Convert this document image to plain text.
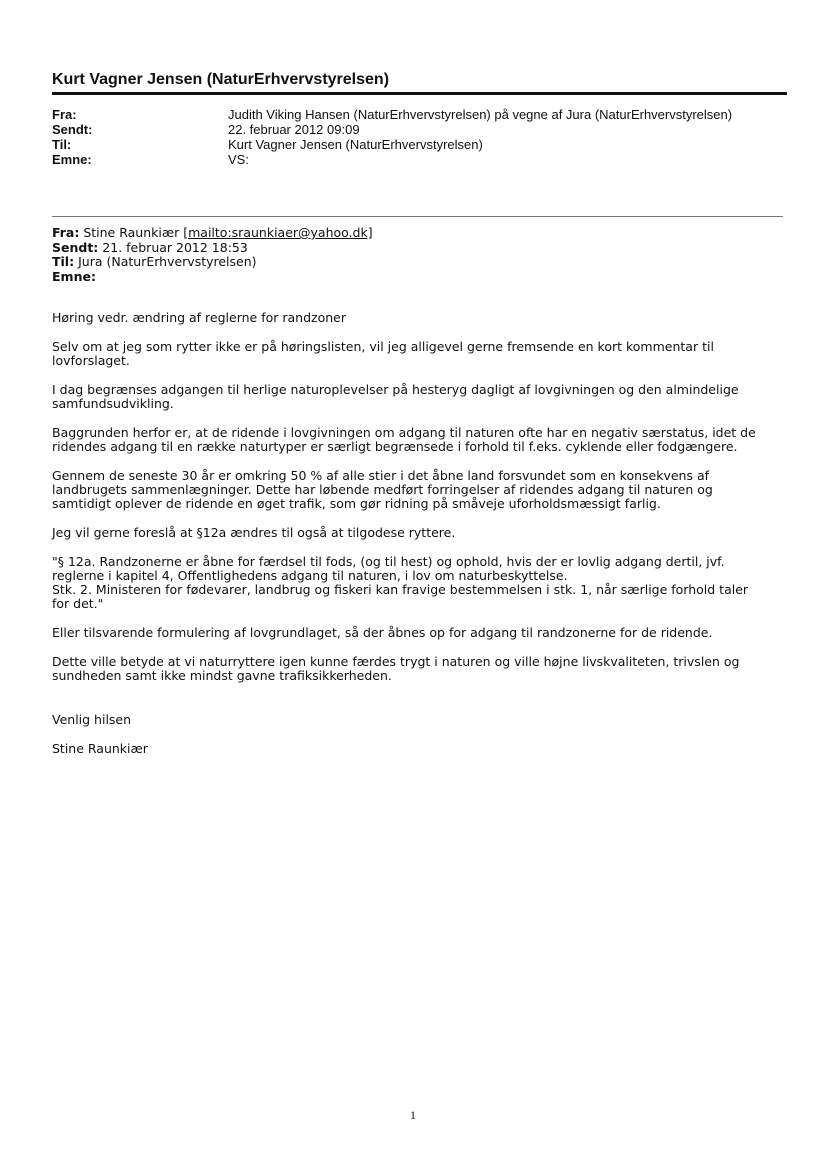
Kurt Vagner Jensen (NaturErhvervstyrelsen)
Fra:	Judith Viking Hansen (NaturErhvervstyrelsen) på vegne af Jura (NaturErhvervstyrelsen)
Sendt:	22. februar 2012 09:09
Til:	Kurt Vagner Jensen (NaturErhvervstyrelsen)
Emne:	VS:
Fra: Stine Raunkiær [mailto:sraunkiaer@yahoo.dk]
Sendt: 21. februar 2012 18:53
Til: Jura (NaturErhvervstyrelsen)
Emne:

Høring vedr. ændring af reglerne for randzoner

Selv om at jeg som rytter ikke er på høringslisten, vil jeg alligevel gerne fremsende en kort kommentar til lovforslaget.

I dag begrænses adgangen til herlige naturoplevelser på hesteryg dagligt af lovgivningen og den almindelige samfundsudvikling.

Baggrunden herfor er, at de ridende i lovgivningen om adgang til naturen ofte har en negativ særstatus, idet de ridendes adgang til en række naturtyper er særligt begrænsede i forhold til f.eks. cyklende eller fodgængere.

Gennem de seneste 30 år er omkring 50 % af alle stier i det åbne land forsvundet som en konsekvens af landbrugets sammenlægninger. Dette har løbende medført forringelser af ridendes adgang til naturen og samtidigt oplever de ridende en øget trafik, som gør ridning på småveje uforholdsmæssigt farlig.

Jeg vil gerne foreslå at §12a ændres til også at tilgodese ryttere.

"§ 12a. Randzonerne er åbne for færdsel til fods, (og til hest) og ophold, hvis der er lovlig adgang dertil, jvf. reglerne i kapitel 4, Offentlighedens adgang til naturen, i lov om naturbeskyttelse.
Stk. 2. Ministeren for fødevarer, landbrug og fiskeri kan fravige bestemmelsen i stk. 1, når særlige forhold taler for det."

Eller tilsvarende formulering af lovgrundlaget, så der åbnes op for adgang til randzonerne for de ridende.

Dette ville betyde at vi naturryttere igen kunne færdes trygt i naturen og ville højne livskvaliteten, trivslen og sundheden samt ikke mindst gavne trafiksikkerheden.

Venlig hilsen

Stine Raunkiær

1
